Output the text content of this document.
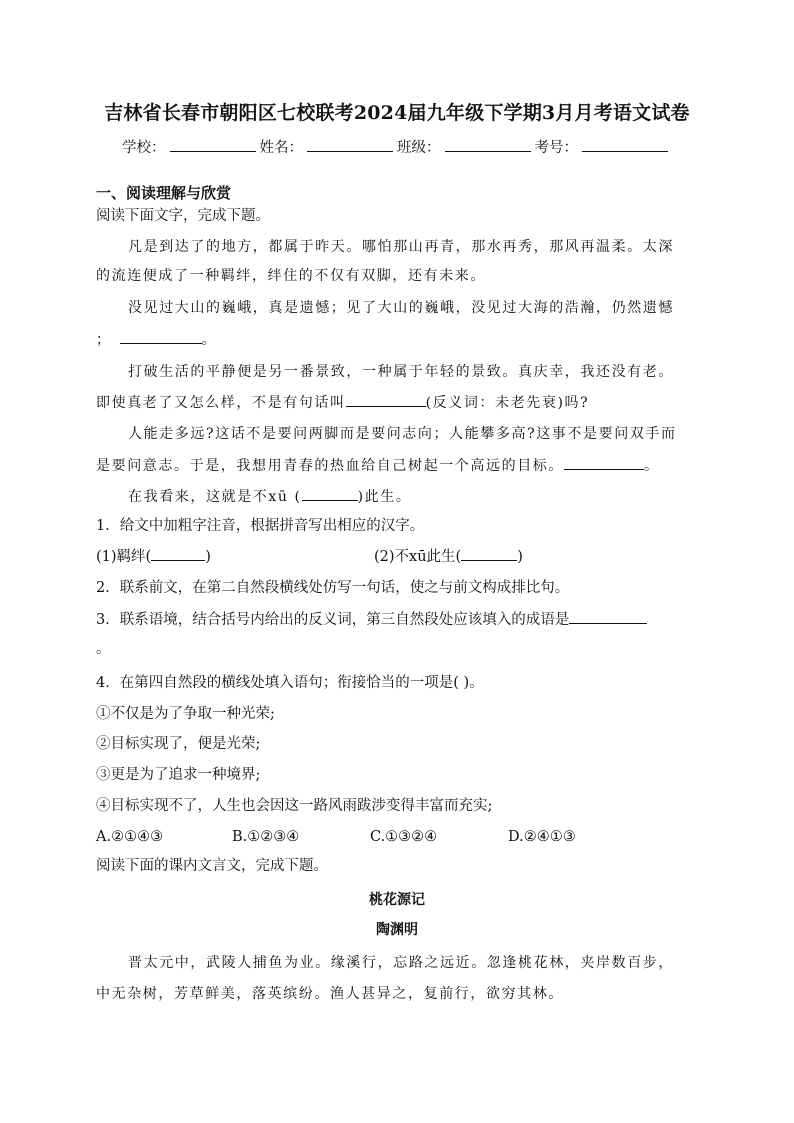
吉林省长春市朝阳区七校联考2024届九年级下学期3月月考语文试卷
学校：	姓名：	班级：	考号：
一、阅读理解与欣赏
阅读下面文字，完成下题。
凡是到达了的地方，都属于昨天。哪怕那山再青，那水再秀，那风再温柔。太深
的流连便成了一种羁绊，绊住的不仅有双脚，还有未来。
没见过大山的巍峨，真是遗憾；见了大山的巍峨，没见过大海的浩瀚，仍然遗憾
；	。
打破生活的平静便是另一番景致，一种属于年轻的景致。真庆幸，我还没有老。
即使真老了又怎么样，不是有句话叫	(反义词：未老先衰)吗?
人能走多远?这话不是要问两脚而是要问志向；人能攀多高?这事不是要问双手而
是要问意志。于是，我想用青春的热血给自己树起一个高远的目标。	。
在我看来，这就是不xū (	)此生。
1．给文中加粗字注音，根据拼音写出相应的汉字。
(1)羁绊(	)	(2)不xū此生(	)
2．联系前文，在第二自然段横线处仿写一句话，使之与前文构成排比句。
3．联系语境，结合括号内给出的反义词，第三自然段处应该填入的成语是
。
4．在第四自然段的横线处填入语句；衔接恰当的一项是( )。
①不仅是为了争取一种光荣;
②目标实现了，便是光荣;
③更是为了追求一种境界;
④目标实现不了，人生也会因这一路风雨跋涉变得丰富而充实;
A.②①④③	B.①②③④	C.①③②④	D.②④①③
阅读下面的课内文言文，完成下题。
桃花源记
陶渊明
晋太元中，武陵人捕鱼为业。缘溪行，忘路之远近。忽逢桃花林，夹岸数百步，
中无杂树，芳草鲜美，落英缤纷。渔人甚异之，复前行，欲穷其林。
